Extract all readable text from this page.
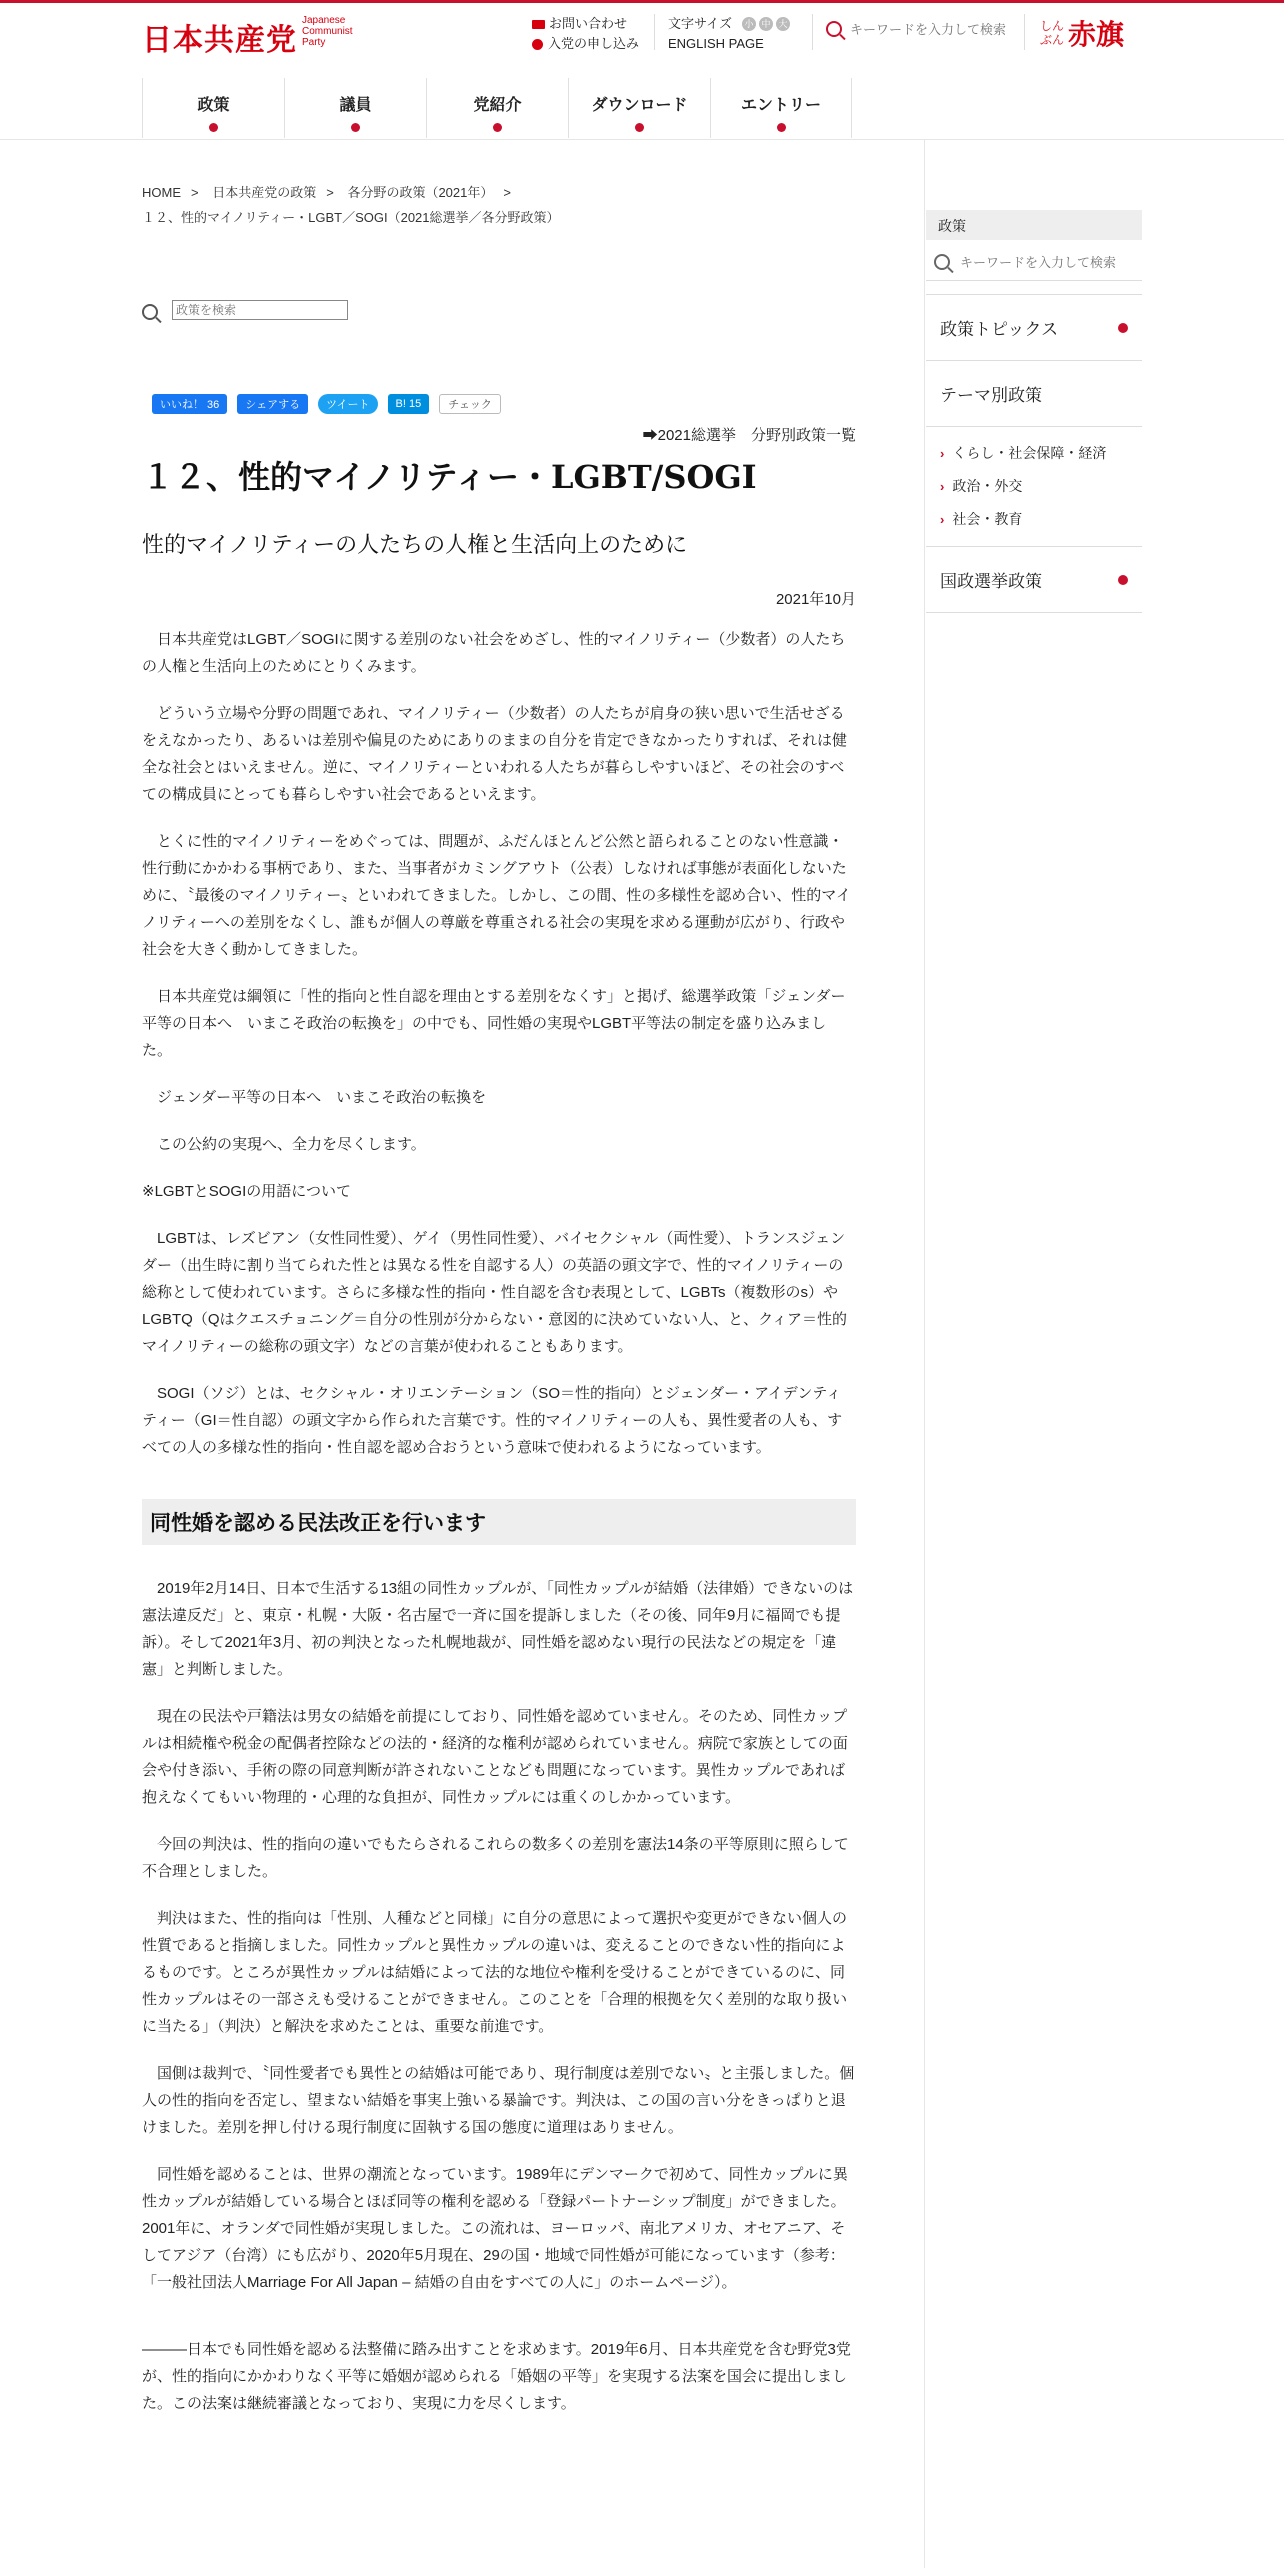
日本共産党
Japanese
Communist
Party
お問い合わせ
入党の申し込み
文字サイズ 小 中 大
ENGLISH PAGE
キーワードを入力して検索
しんぶん 赤旗
政策	議員	党紹介	ダウンロード	エントリー
政策
キーワードを入力して検索
政策トピックス
テーマ別政策
› くらし・社会保障・経済
› 政治・外交
› 社会・教育
国政選挙政策
HOME > 日本共産党の政策 > 各分野の政策（2021年） >
１２、性的マイノリティー・LGBT／SOGI（2021総選挙／各分野政策）
政策を検索
いいね！ 36	シェアする	ツイート	B! 15	チェック
➡2021総選挙　分野別政策一覧
１２、性的マイノリティー・LGBT/SOGI
性的マイノリティーの人たちの人権と生活向上のために
2021年10月

日本共産党はLGBT／SOGIに関する差別のない社会をめざし、性的マイノリティー（少数者）の人たちの人権と生活向上のためにとりくみます。

どういう立場や分野の問題であれ、マイノリティー（少数者）の人たちが肩身の狭い思いで生活せざるをえなかったり、あるいは差別や偏見のためにありのままの自分を肯定できなかったりすれば、それは健全な社会とはいえません。逆に、マイノリティーといわれる人たちが暮らしやすいほど、その社会のすべての構成員にとっても暮らしやすい社会であるといえます。

とくに性的マイノリティーをめぐっては、問題が、ふだんほとんど公然と語られることのない性意識・性行動にかかわる事柄であり、また、当事者がカミングアウト（公表）しなければ事態が表面化しないために、〝最後のマイノリティー〟といわれてきました。しかし、この間、性の多様性を認め合い、性的マイノリティーへの差別をなくし、誰もが個人の尊厳を尊重される社会の実現を求める運動が広がり、行政や社会を大きく動かしてきました。

日本共産党は綱領に「性的指向と性自認を理由とする差別をなくす」と掲げ、総選挙政策「ジェンダー平等の日本へ　いまこそ政治の転換を」の中でも、同性婚の実現やLGBT平等法の制定を盛り込みました。

ジェンダー平等の日本へ　いまこそ政治の転換を

この公約の実現へ、全力を尽くします。

※LGBTとSOGIの用語について

LGBTは、レズビアン（女性同性愛）、ゲイ（男性同性愛）、バイセクシャル（両性愛）、トランスジェンダー（出生時に割り当てられた性とは異なる性を自認する人）の英語の頭文字で、性的マイノリティーの総称として使われています。さらに多様な性的指向・性自認を含む表現として、LGBTs（複数形のs）やLGBTQ（Qはクエスチョニング＝自分の性別が分からない・意図的に決めていない人、と、クィア＝性的マイノリティーの総称の頭文字）などの言葉が使われることもあります。

SOGI（ソジ）とは、セクシャル・オリエンテーション（SO＝性的指向）とジェンダー・アイデンティティー（GI＝性自認）の頭文字から作られた言葉です。性的マイノリティーの人も、異性愛者の人も、すべての人の多様な性的指向・性自認を認め合おうという意味で使われるようになっています。

同性婚を認める民法改正を行います

2019年2月14日、日本で生活する13組の同性カップルが、「同性カップルが結婚（法律婚）できないのは憲法違反だ」と、東京・札幌・大阪・名古屋で一斉に国を提訴しました（その後、同年9月に福岡でも提訴）。そして2021年3月、初の判決となった札幌地裁が、同性婚を認めない現行の民法などの規定を「違憲」と判断しました。

現在の民法や戸籍法は男女の結婚を前提にしており、同性婚を認めていません。そのため、同性カップルは相続権や税金の配偶者控除などの法的・経済的な権利が認められていません。病院で家族としての面会や付き添い、手術の際の同意判断が許されないことなども問題になっています。異性カップルであれば抱えなくてもいい物理的・心理的な負担が、同性カップルには重くのしかかっています。

今回の判決は、性的指向の違いでもたらされるこれらの数多くの差別を憲法14条の平等原則に照らして不合理としました。

判決はまた、性的指向は「性別、人種などと同様」に自分の意思によって選択や変更ができない個人の性質であると指摘しました。同性カップルと異性カップルの違いは、変えることのできない性的指向によるものです。ところが異性カップルは結婚によって法的な地位や権利を受けることができているのに、同性カップルはその一部さえも受けることができません。このことを「合理的根拠を欠く差別的な取り扱いに当たる」（判決）と解決を求めたことは、重要な前進です。

国側は裁判で、〝同性愛者でも異性との結婚は可能であり、現行制度は差別でない〟と主張しました。個人の性的指向を否定し、望まない結婚を事実上強いる暴論です。判決は、この国の言い分をきっぱりと退けました。差別を押し付ける現行制度に固執する国の態度に道理はありません。

同性婚を認めることは、世界の潮流となっています。1989年にデンマークで初めて、同性カップルに異性カップルが結婚している場合とほぼ同等の権利を認める「登録パートナーシップ制度」ができました。2001年に、オランダで同性婚が実現しました。この流れは、ヨーロッパ、南北アメリカ、オセアニア、そしてアジア（台湾）にも広がり、2020年5月現在、29の国・地域で同性婚が可能になっています（参考：「一般社団法人Marriage For All Japan – 結婚の自由をすべての人に」のホームページ）。

―――日本でも同性婚を認める法整備に踏み出すことを求めます。2019年6月、日本共産党を含む野党3党が、性的指向にかかわりなく平等に婚姻が認められる「婚姻の平等」を実現する法案を国会に提出しました。この法案は継続審議となっており、実現に力を尽くします。
